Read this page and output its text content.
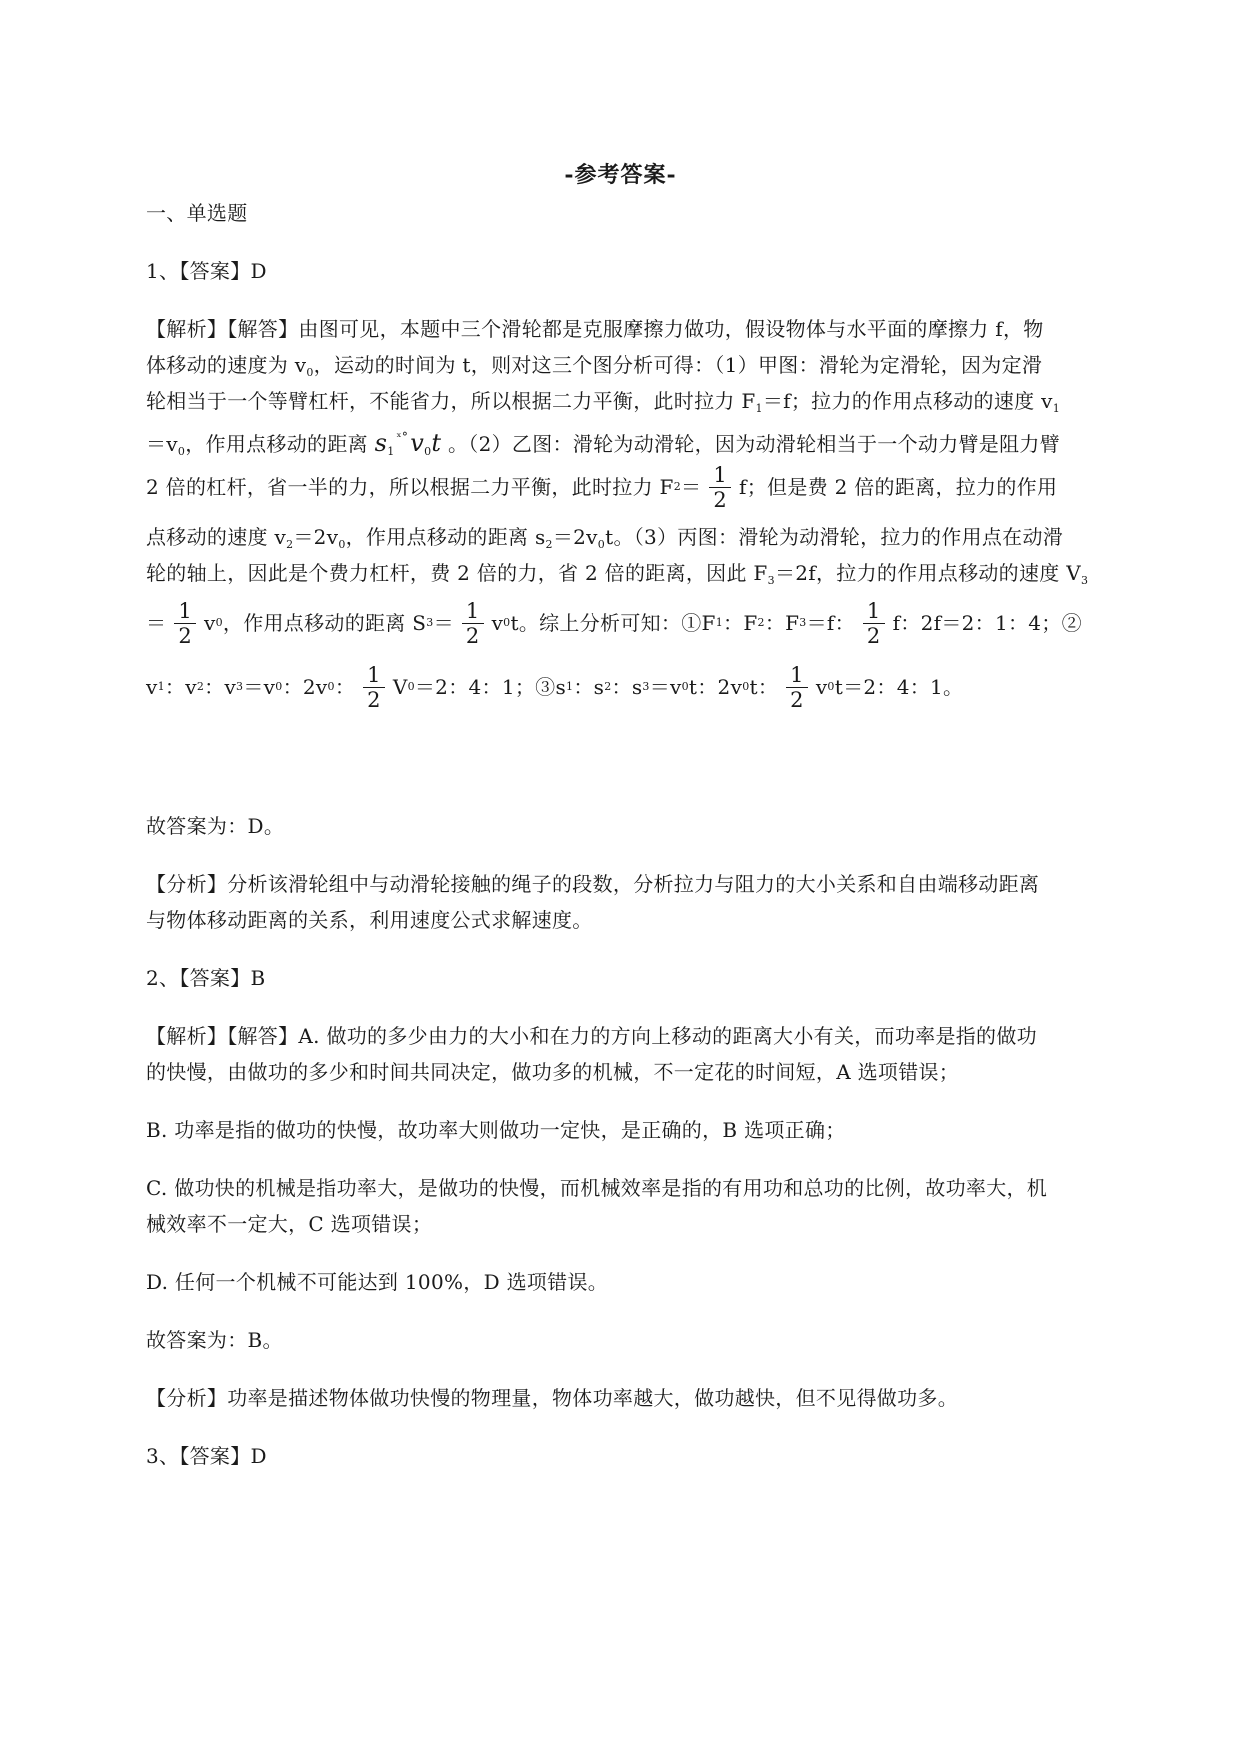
-参考答案-
一、单选题
1、【答案】D
【解析】【解答】由图可见，本题中三个滑轮都是克服摩擦力做功，假设物体与水平面的摩擦力 f，物
体移动的速度为 $v_0$，运动的时间为 t，则对这三个图分析可得：（1）甲图：滑轮为定滑轮，因为定滑
轮相当于一个等臂杠杆，不能省力，所以根据二力平衡，此时拉力 $F_1=f$；拉力的作用点移动的速度 $v_1$
$=v_0$，作用点移动的距离 $s_1^{ˣ^\circ}v_0t$ 。（2）乙图：滑轮为动滑轮，因为动滑轮相当于一个动力臂是阻力臂
2 倍的杠杆，省一半的力，所以根据二力平衡，此时拉力 F $2 = \frac{1}{2}$ f；但是费 2 倍的距离，拉力的作用
点移动的速度 $v_2=2v_0$，作用点移动的距离 $s_2=2v_0t$。（3）丙图：滑轮为动滑轮，拉力的作用点在动滑
轮的轴上，因此是个费力杠杆，费 2 倍的力，省 2 倍的距离，因此 $F_3=2f$，拉力的作用点移动的速度 $V_3$
＝ $\frac{1}{2}$ v 0 ，作用点移动的距离 S $3 = \frac{1}{2}$ v 0 t。综上分析可知：①F 1 ：F 2 ：F 3 ＝f： $\frac{1}{2}$ f：2f＝2：1：4；②
v 1 ：v 2 ：v 3 ＝v 0 ：2v 0 ： $\frac{1}{2}$ V 0 ＝2：4：1；③s 1 ：s 2 ：s 3 ＝v 0 t：2v 0 t： $\frac{1}{2}$ v 0 t＝2：4：1。
故答案为：D。
【分析】分析该滑轮组中与动滑轮接触的绳子的段数，分析拉力与阻力的大小关系和自由端移动距离
与物体移动距离的关系，利用速度公式求解速度。
2、【答案】B
【解析】【解答】A. 做功的多少由力的大小和在力的方向上移动的距离大小有关，而功率是指的做功
的快慢，由做功的多少和时间共同决定，做功多的机械，不一定花的时间短，A 选项错误；
B. 功率是指的做功的快慢，故功率大则做功一定快，是正确的，B 选项正确；
C. 做功快的机械是指功率大，是做功的快慢，而机械效率是指的有用功和总功的比例，故功率大，机
械效率不一定大，C 选项错误；
D. 任何一个机械不可能达到 100%，D 选项错误。
故答案为：B。
【分析】功率是描述物体做功快慢的物理量，物体功率越大，做功越快，但不见得做功多。
3、【答案】D
